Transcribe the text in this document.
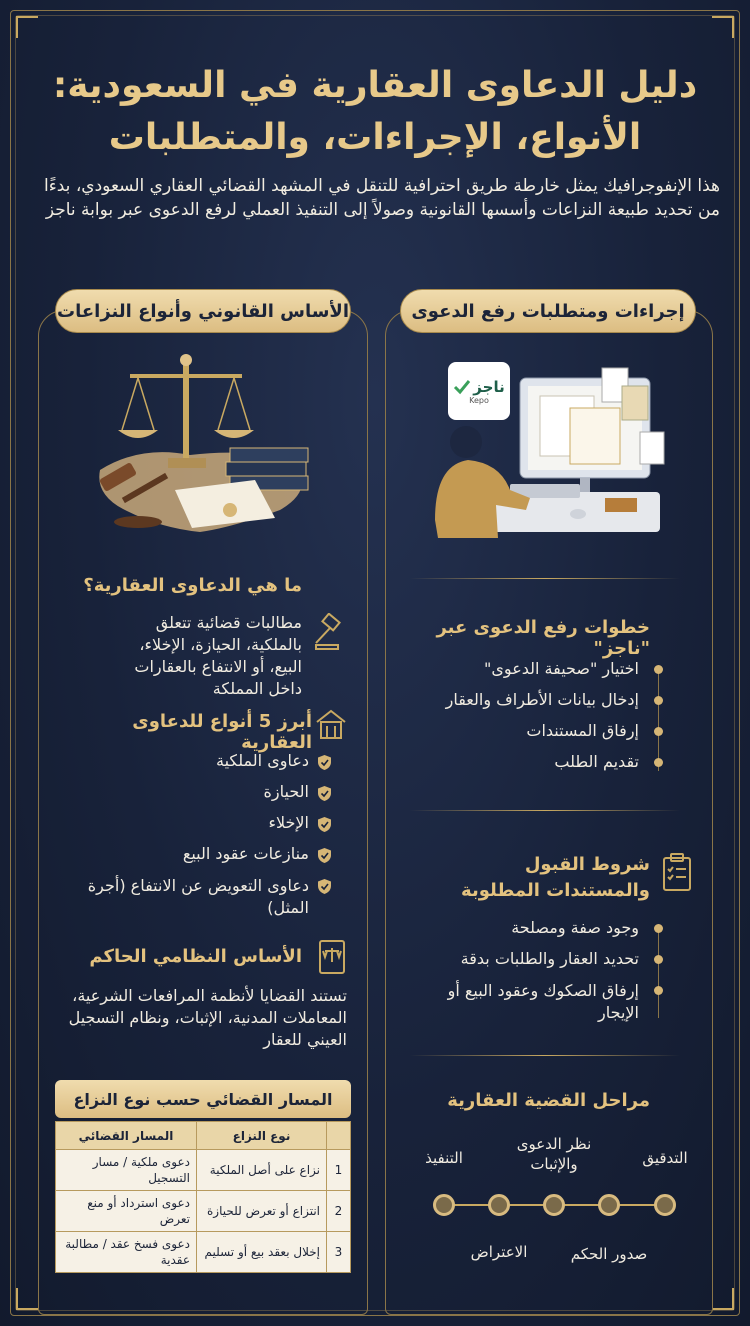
دليل الدعاوى العقارية في السعودية:
الأنواع، الإجراءات، والمتطلبات
هذا الإنفوجرافيك يمثل خارطة طريق احترافية للتنقل في المشهد القضائي العقاري السعودي، بدءًا من تحديد طبيعة النزاعات وأسسها القانونية وصولاً إلى التنفيذ العملي لرفع الدعوى عبر بوابة ناجز
الأساس القانوني وأنواع النزاعات	إجراءات ومتطلبات رفع الدعوى
ناجز
Kepo
ما هي الدعاوى العقارية؟
مطالبات قضائية تتعلق بالملكية، الحيازة، الإخلاء، البيع، أو الانتفاع بالعقارات داخل المملكة
أبرز 5 أنواع للدعاوى العقارية
دعاوى الملكية
الحيازة
الإخلاء
منازعات عقود البيع
دعاوى التعويض عن الانتفاع (أجرة المثل)
الأساس النظامي الحاكم
تستند القضايا لأنظمة المرافعات الشرعية، المعاملات المدنية، الإثبات، ونظام التسجيل العيني للعقار
المسار القضائي حسب نوع النزاع
	نوع النزاع	المسار القضائي
1	نزاع على أصل الملكية	دعوى ملكية / مسار التسجيل
2	انتزاع أو تعرض للحيازة	دعوى استرداد أو منع تعرض
3	إخلال بعقد بيع أو تسليم	دعوى فسخ عقد / مطالبة عقدية
خطوات رفع الدعوى عبر "ناجز"
اختيار "صحيفة الدعوى"
إدخال بيانات الأطراف والعقار
إرفاق المستندات
تقديم الطلب
شروط القبول والمستندات المطلوبة
وجود صفة ومصلحة
تحديد العقار والطلبات بدقة
إرفاق الصكوك وعقود البيع أو الإيجار
مراحل القضية العقارية
التدقيق
صدور الحكم
نظر الدعوى والإثبات
الاعتراض
التنفيذ
